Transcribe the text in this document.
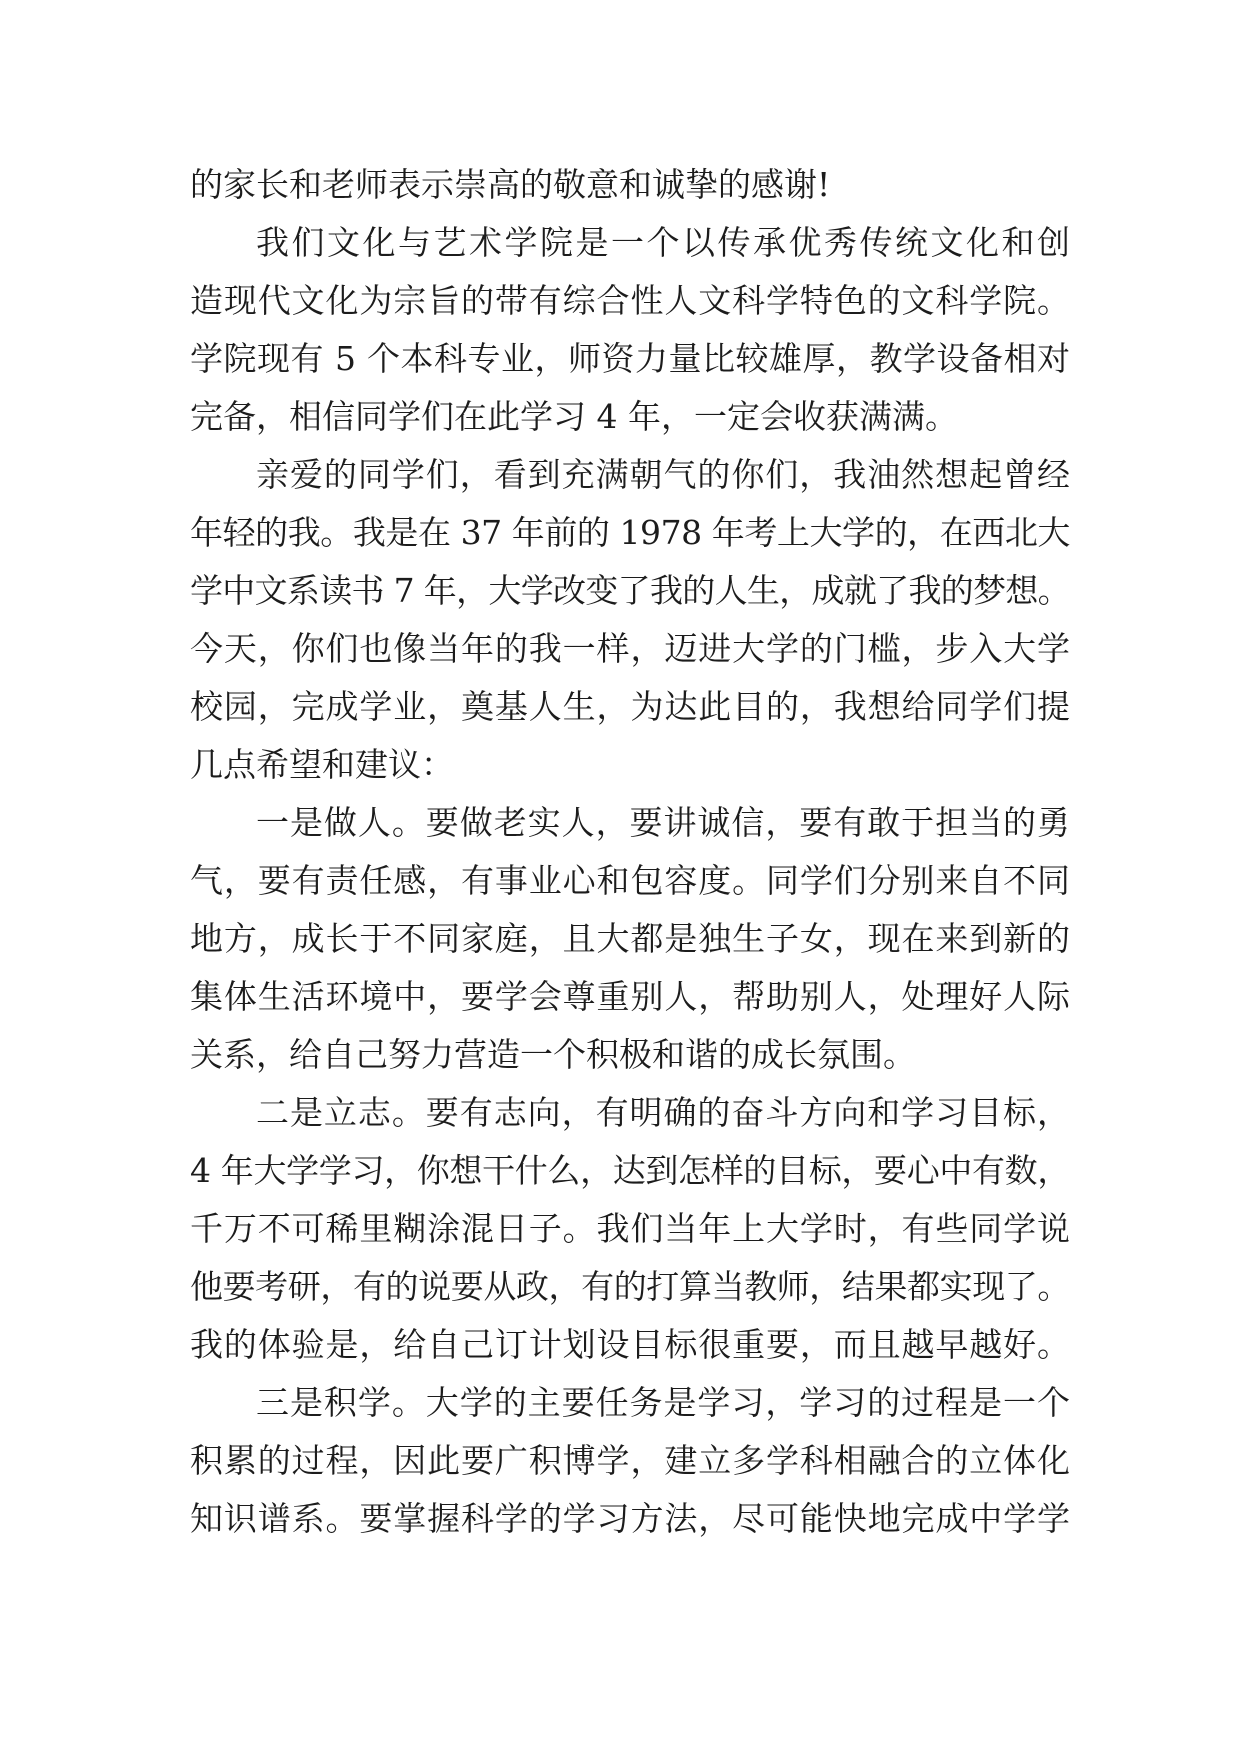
的家长和老师表示崇高的敬意和诚挚的感谢!
我们文化与艺术学院是一个以传承优秀传统文化和创
造现代文化为宗旨的带有综合性人文科学特色的文科学院。
学院现有 5 个本科专业，师资力量比较雄厚，教学设备相对
完备，相信同学们在此学习 4 年，一定会收获满满。
亲爱的同学们，看到充满朝气的你们，我油然想起曾经
年轻的我。我是在 37 年前的 1978 年考上大学的，在西北大
学中文系读书 7 年，大学改变了我的人生，成就了我的梦想。
今天，你们也像当年的我一样，迈进大学的门槛，步入大学
校园，完成学业，奠基人生，为达此目的，我想给同学们提
几点希望和建议：
一是做人。要做老实人，要讲诚信，要有敢于担当的勇
气，要有责任感，有事业心和包容度。同学们分别来自不同
地方，成长于不同家庭，且大都是独生子女，现在来到新的
集体生活环境中，要学会尊重别人，帮助别人，处理好人际
关系，给自己努力营造一个积极和谐的成长氛围。
二是立志。要有志向，有明确的奋斗方向和学习目标，
4 年大学学习，你想干什么，达到怎样的目标，要心中有数，
千万不可稀里糊涂混日子。我们当年上大学时，有些同学说
他要考研，有的说要从政，有的打算当教师，结果都实现了。
我的体验是，给自己订计划设目标很重要，而且越早越好。
三是积学。大学的主要任务是学习，学习的过程是一个
积累的过程，因此要广积博学，建立多学科相融合的立体化
知识谱系。要掌握科学的学习方法，尽可能快地完成中学学
